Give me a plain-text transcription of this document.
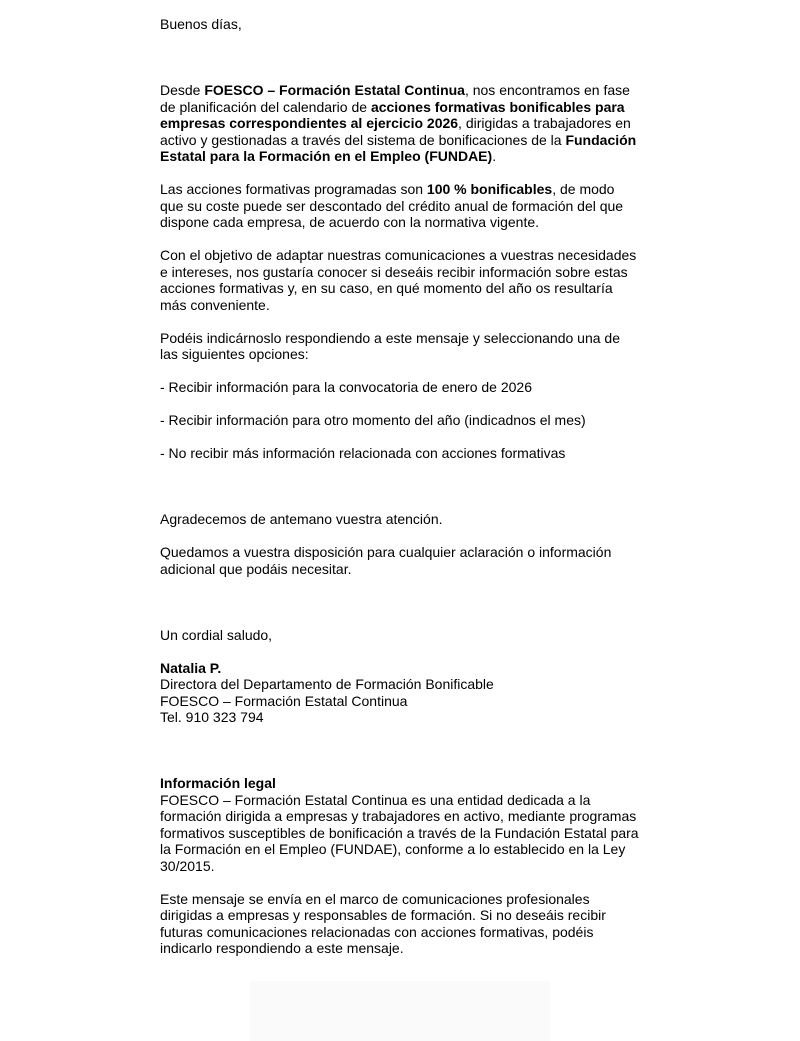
Buenos días,

Desde FOESCO – Formación Estatal Continua, nos encontramos en fase de planificación del calendario de acciones formativas bonificables para empresas correspondientes al ejercicio 2026, dirigidas a trabajadores en activo y gestionadas a través del sistema de bonificaciones de la Fundación Estatal para la Formación en el Empleo (FUNDAE).

Las acciones formativas programadas son 100 % bonificables, de modo que su coste puede ser descontado del crédito anual de formación del que dispone cada empresa, de acuerdo con la normativa vigente.

Con el objetivo de adaptar nuestras comunicaciones a vuestras necesidades e intereses, nos gustaría conocer si deseáis recibir información sobre estas acciones formativas y, en su caso, en qué momento del año os resultaría más conveniente.

Podéis indicárnoslo respondiendo a este mensaje y seleccionando una de las siguientes opciones:

- Recibir información para la convocatoria de enero de 2026

- Recibir información para otro momento del año (indicadnos el mes)

- No recibir más información relacionada con acciones formativas

Agradecemos de antemano vuestra atención.

Quedamos a vuestra disposición para cualquier aclaración o información adicional que podáis necesitar.

Un cordial saludo,

Natalia P.

Directora del Departamento de Formación Bonificable

FOESCO – Formación Estatal Continua

Tel. 910 323 794

Información legal

FOESCO – Formación Estatal Continua es una entidad dedicada a la formación dirigida a empresas y trabajadores en activo, mediante programas formativos susceptibles de bonificación a través de la Fundación Estatal para la Formación en el Empleo (FUNDAE), conforme a lo establecido en la Ley 30/2015.

Este mensaje se envía en el marco de comunicaciones profesionales dirigidas a empresas y responsables de formación. Si no deseáis recibir futuras comunicaciones relacionadas con acciones formativas, podéis indicarlo respondiendo a este mensaje.
